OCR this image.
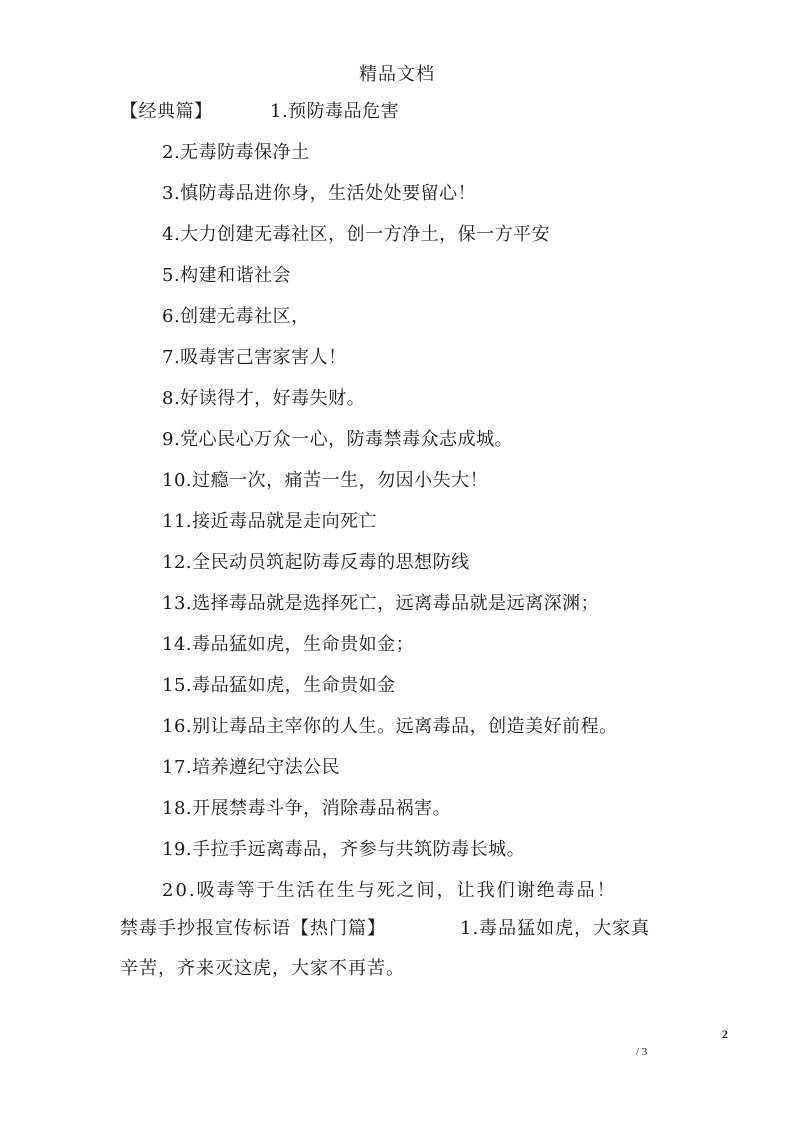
精品文档
【经典篇】	1.预防毒品危害
2.无毒防毒保净土
3.慎防毒品进你身，生活处处要留心！
4.大力创建无毒社区，创一方净土，保一方平安
5.构建和谐社会
6.创建无毒社区，
7.吸毒害己害家害人！
8.好读得才，好毒失财。
9.党心民心万众一心，防毒禁毒众志成城。
10.过瘾一次，痛苦一生，勿因小失大！
11.接近毒品就是走向死亡
12.全民动员筑起防毒反毒的思想防线
13.选择毒品就是选择死亡，远离毒品就是远离深渊；
14.毒品猛如虎，生命贵如金；
15.毒品猛如虎，生命贵如金
16.别让毒品主宰你的人生。远离毒品，创造美好前程。
17.培养遵纪守法公民
18.开展禁毒斗争，消除毒品祸害。
19.手拉手远离毒品，齐参与共筑防毒长城。
20.吸毒等于生活在生与死之间，让我们谢绝毒品！
禁毒手抄报宣传标语【热门篇】	1.毒品猛如虎，大家真
辛苦，齐来灭这虎，大家不再苦。
2
/ 3
